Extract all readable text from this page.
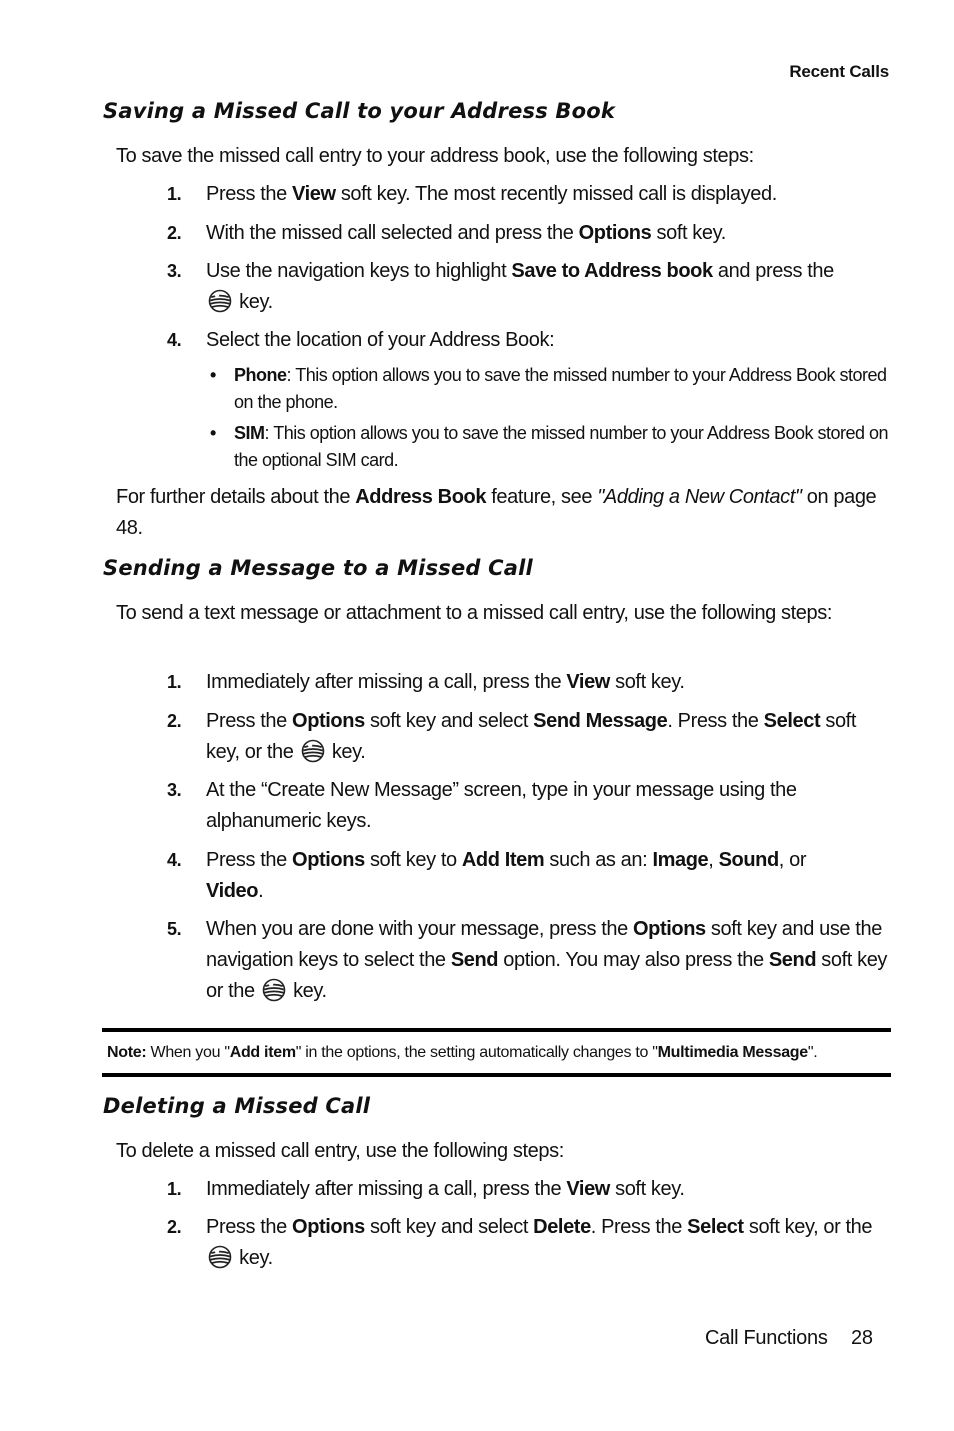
Recent Calls
Saving a Missed Call to your Address Book

To save the missed call entry to your address book, use the following steps:

1. Press the View soft key. The most recently missed call is displayed.
2. With the missed call selected and press the Options soft key.
3. Use the navigation keys to highlight Save to Address book and press the
key.
4. Select the location of your Address Book:
• Phone: This option allows you to save the missed number to your Address Book stored on the phone.
• SIM: This option allows you to save the missed number to your Address Book stored on the optional SIM card.

For further details about the Address Book feature, see "Adding a New Contact" on page 48.

Sending a Message to a Missed Call

To send a text message or attachment to a missed call entry, use the following steps:

1. Immediately after missing a call, press the View soft key.
2. Press the Options soft key and select Send Message. Press the Select soft key, or the  key.
3. At the “Create New Message” screen, type in your message using the alphanumeric keys.
4. Press the Options soft key to Add Item such as an: Image, Sound, or
Video.
5. When you are done with your message, press the Options soft key and use the navigation keys to select the Send option. You may also press the Send soft key or the  key.
Note: When you "Add item" in the options, the setting automatically changes to "Multimedia Message".
Deleting a Missed Call

To delete a missed call entry, use the following steps:

1. Immediately after missing a call, press the View soft key.
2. Press the Options soft key and select Delete. Press the Select soft key, or the  key.
Call Functions 28
